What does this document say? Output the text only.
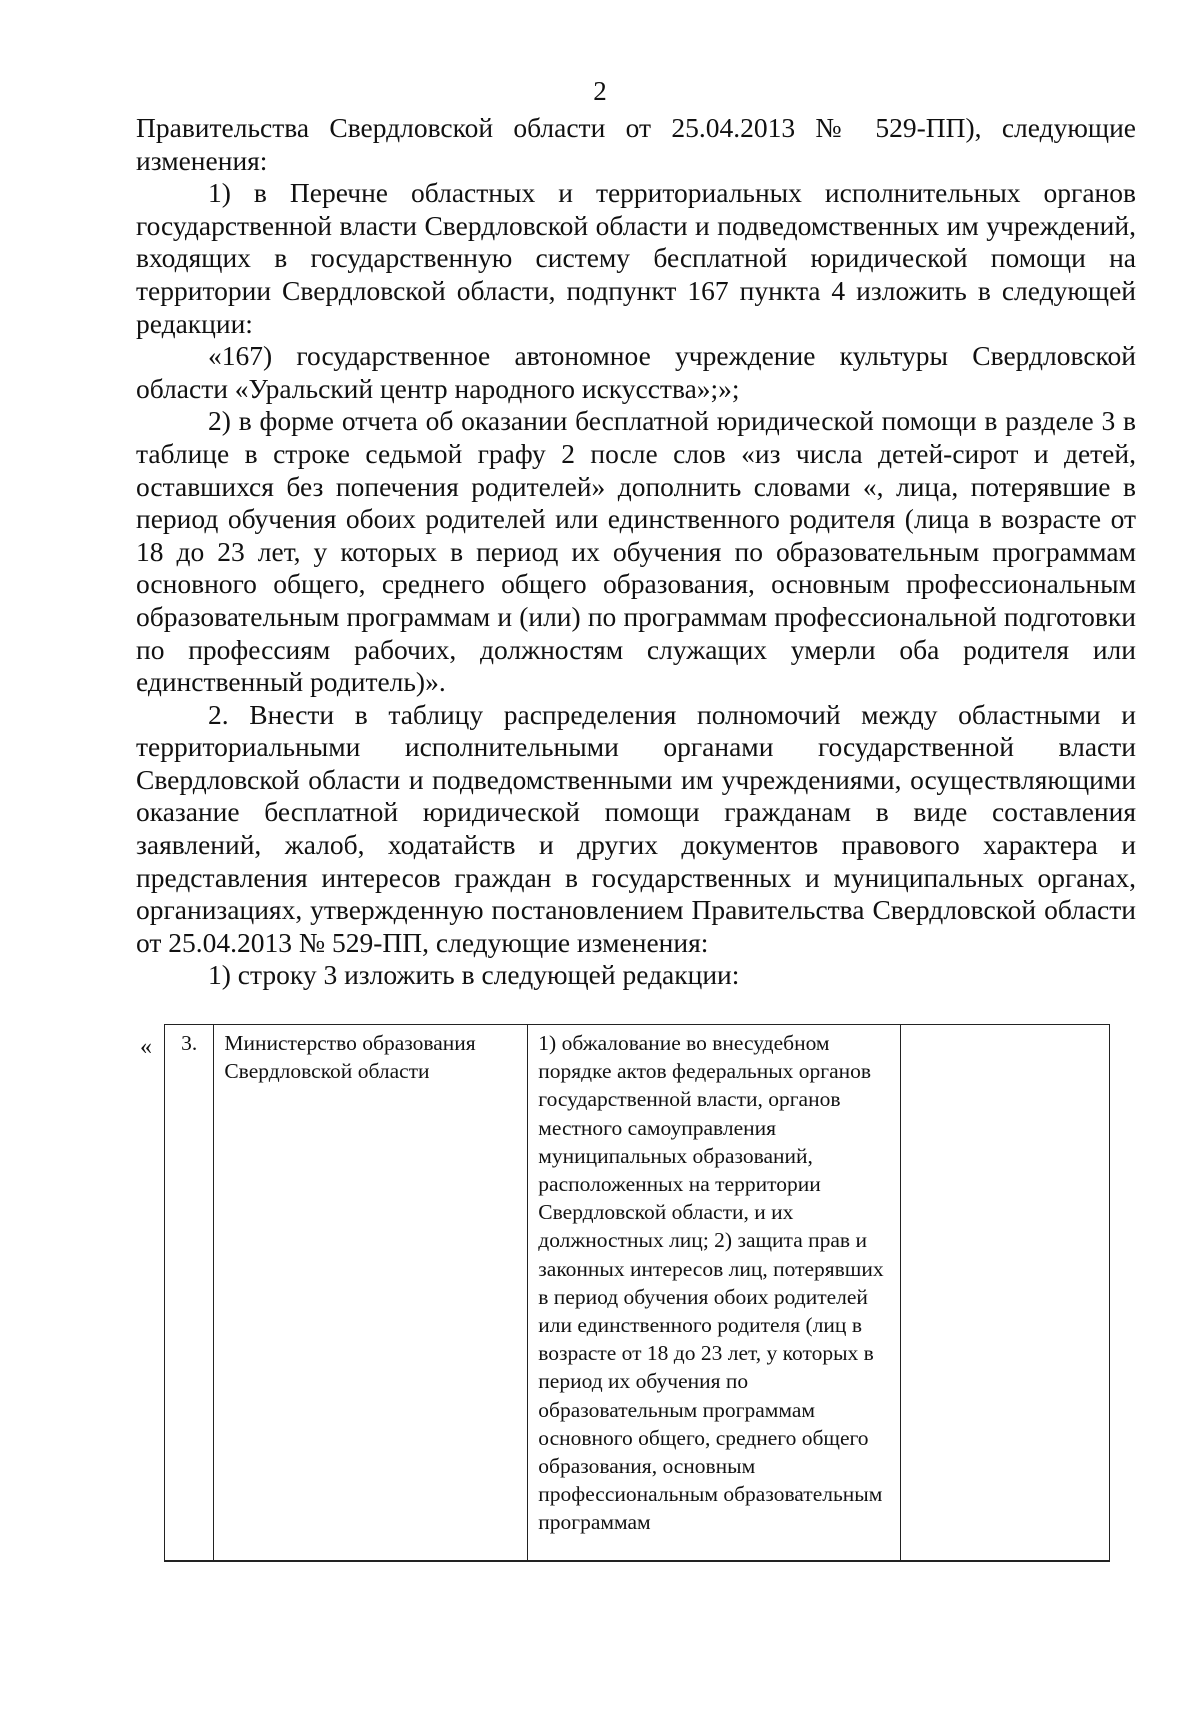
2

Правительства Свердловской области от 25.04.2013 № 529-ПП), следующие изменения:

1) в Перечне областных и территориальных исполнительных органов государственной власти Свердловской области и подведомственных им учреждений, входящих в государственную систему бесплатной юридической помощи на территории Свердловской области, подпункт 167 пункта 4 изложить в следующей редакции:

«167) государственное автономное учреждение культуры Свердловской области «Уральский центр народного искусства»;»;

2) в форме отчета об оказании бесплатной юридической помощи в разделе 3 в таблице в строке седьмой графу 2 после слов «из числа детей-сирот и детей, оставшихся без попечения родителей» дополнить словами «, лица, потерявшие в период обучения обоих родителей или единственного родителя (лица в возрасте от 18 до 23 лет, у которых в период их обучения по образовательным программам основного общего, среднего общего образования, основным профессиональным образовательным программам и (или) по программам профессиональной подготовки по профессиям рабочих, должностям служащих умерли оба родителя или единственный родитель)».

2. Внести в таблицу распределения полномочий между областными и территориальными исполнительными органами государственной власти Свердловской области и подведомственными им учреждениями, осуществляющими оказание бесплатной юридической помощи гражданам в виде составления заявлений, жалоб, ходатайств и других документов правового характера и представления интересов граждан в государственных и муниципальных органах, организациях, утвержденную постановлением Правительства Свердловской области от 25.04.2013 № 529-ПП, следующие изменения:

1) строку 3 изложить в следующей редакции:

« 3.	Министерство образования Свердловской области	1) обжалование во внесудебном порядке актов федеральных органов государственной власти, органов местного самоуправления муниципальных образований, расположенных на территории Свердловской области, и их должностных лиц; 2) защита прав и законных интересов лиц, потерявших в период обучения обоих родителей или единственного родителя (лиц в возрасте от 18 до 23 лет, у которых в период их обучения по образовательным программам основного общего, среднего общего образования, основным профессиональным образовательным программам	
